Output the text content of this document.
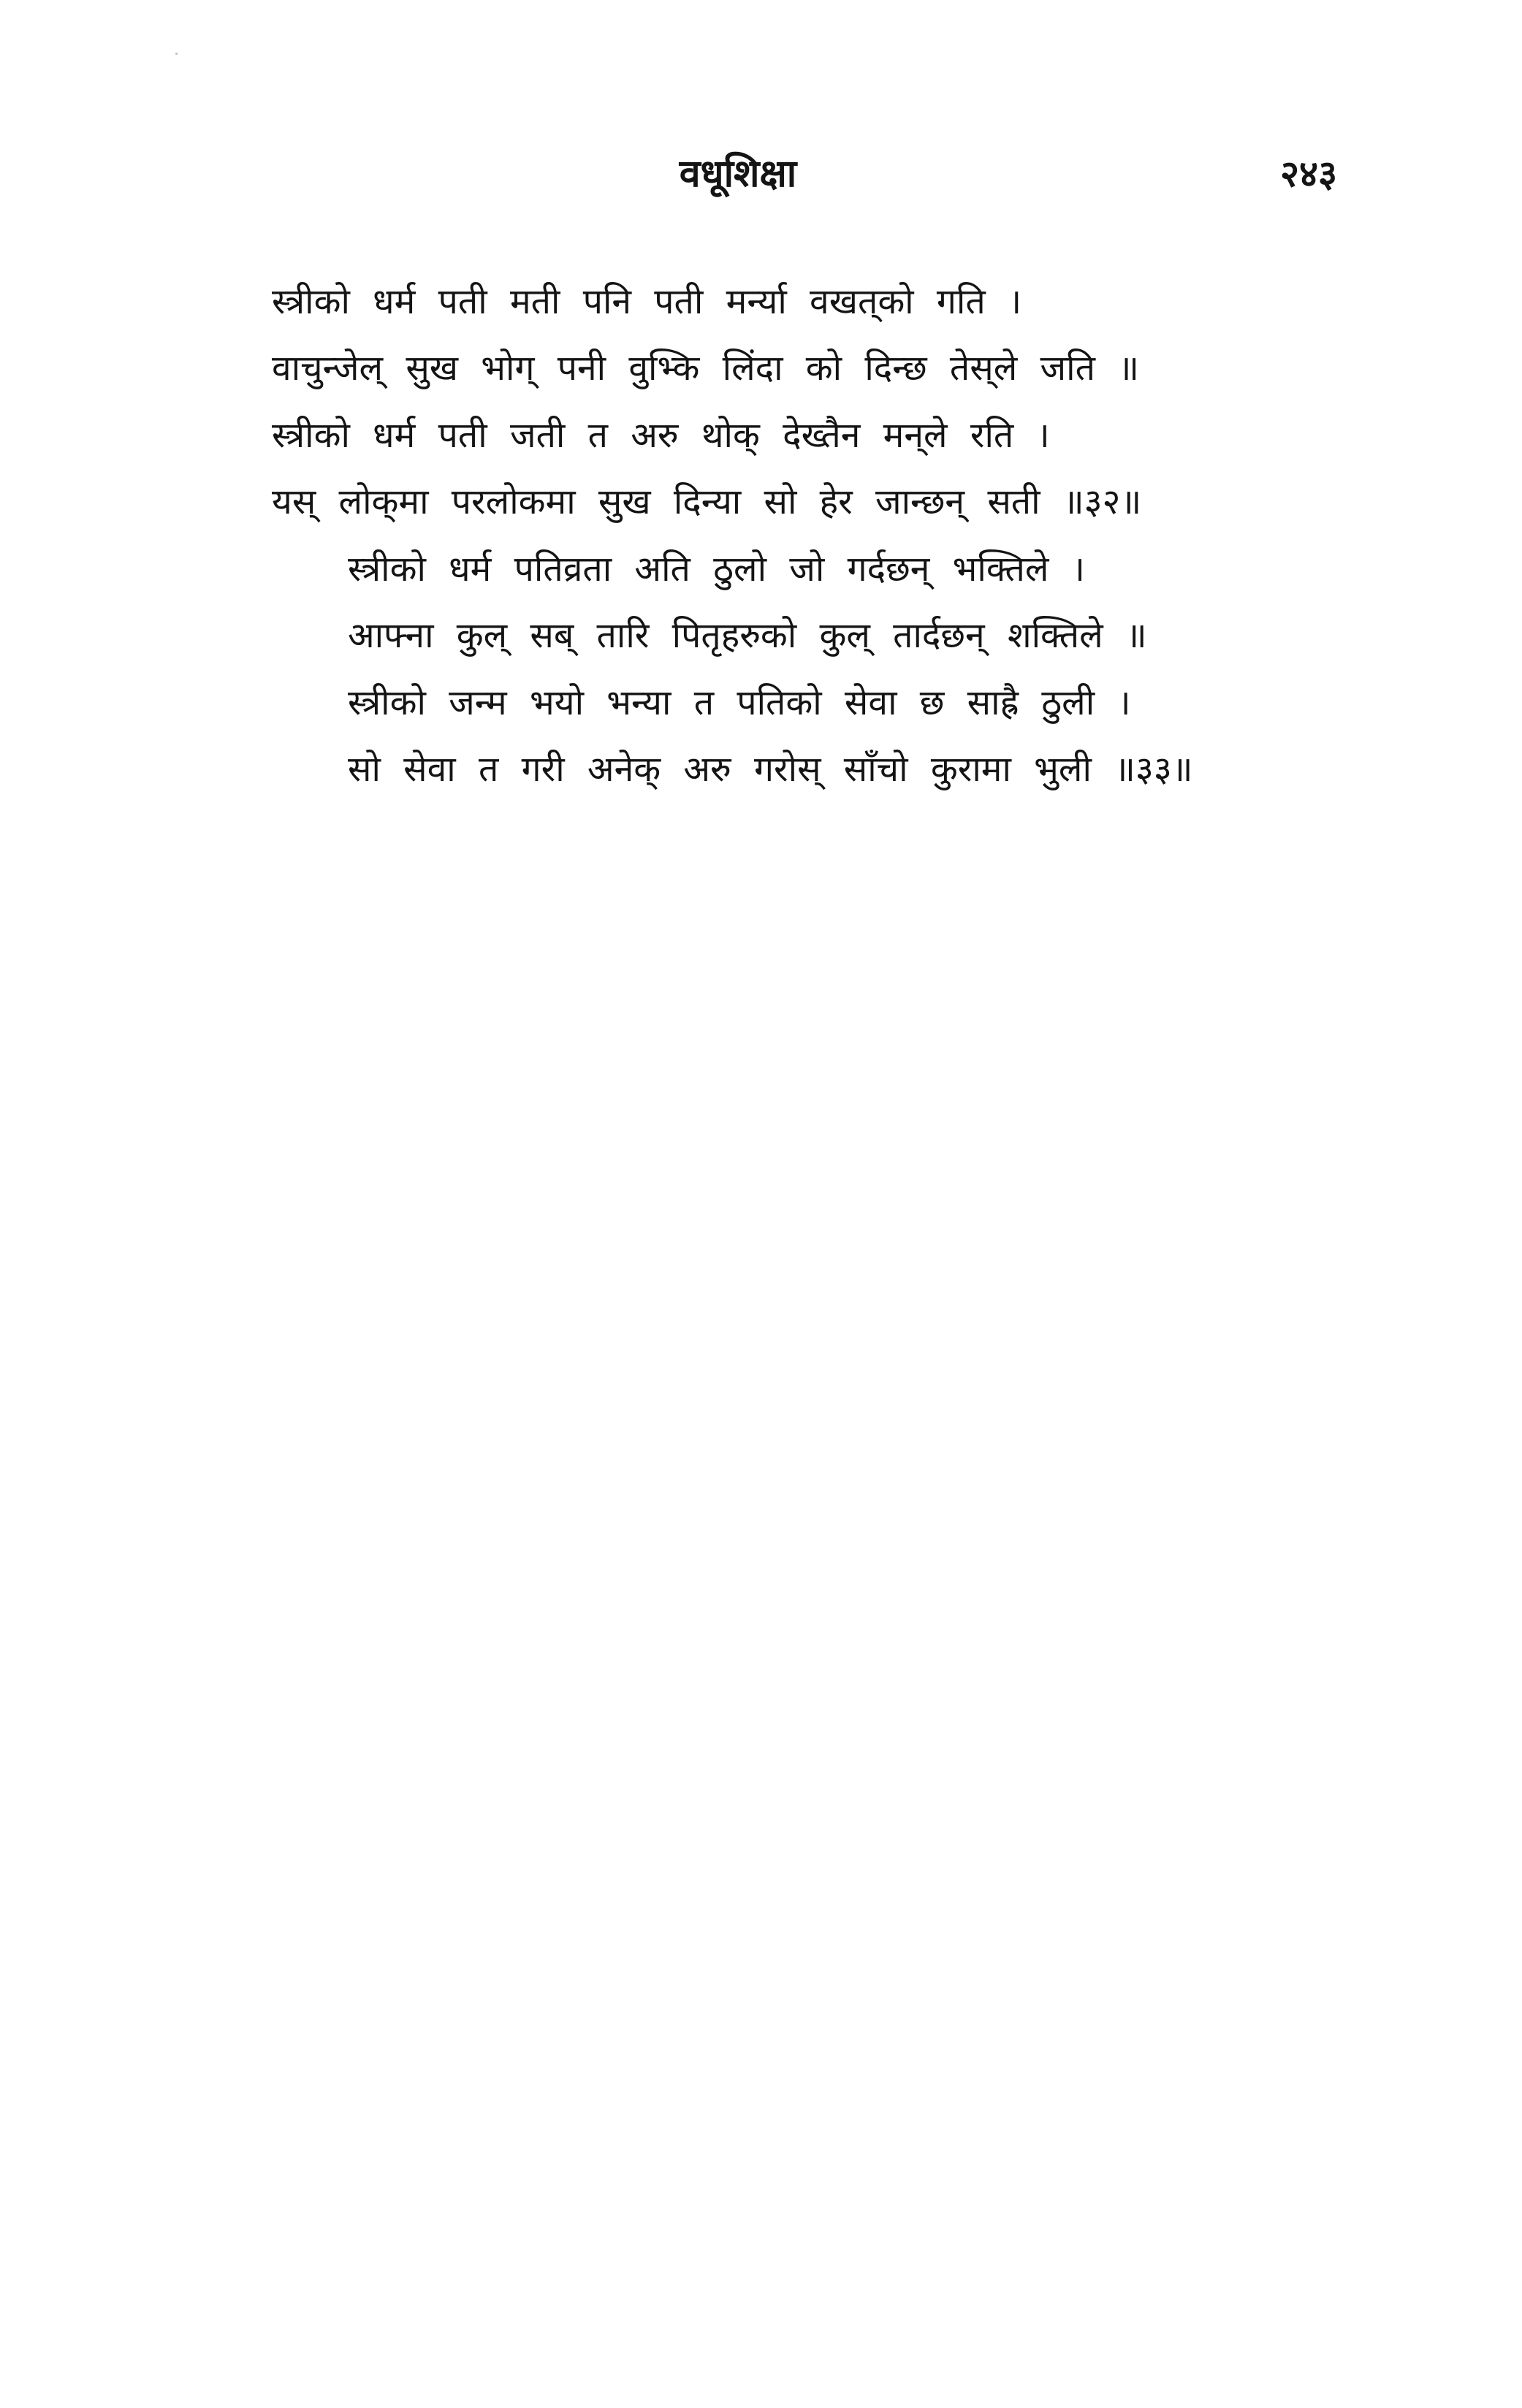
वधूशिक्षा	२४३
स्त्रीको धर्म पती मती पनि पती मर्न्या वखत्‌को गति ।
वाचुन्जेल्‌ सुख भोग्‌ पनी वुभ्कि लिंदा को दिन्छ तेस्‌ले जति ॥
स्त्रीको धर्म पती जती त अरु थोक्‌ देख्तैन मन्‌ले रति ।
यस्‌ लोक्‌मा परलोकमा सुख दिन्या सो हेर जान्छन्‌ सती ॥३२॥
स्त्रीको धर्म पतिव्रता अति ठुलो जो गर्दछन्‌ भक्तिले ।
आफ्ना कुल्‌ सब्‌ तारि पितृहरुको कुल्‌ तार्दछन्‌ शक्तिले ॥
स्त्रीको जन्म भयो भन्या त पतिको सेवा छ साह्रै ठुली ।
सो सेवा त गरी अनेक्‌ अरु गरोस्‌ साँचो कुरामा भुली ॥३३॥
